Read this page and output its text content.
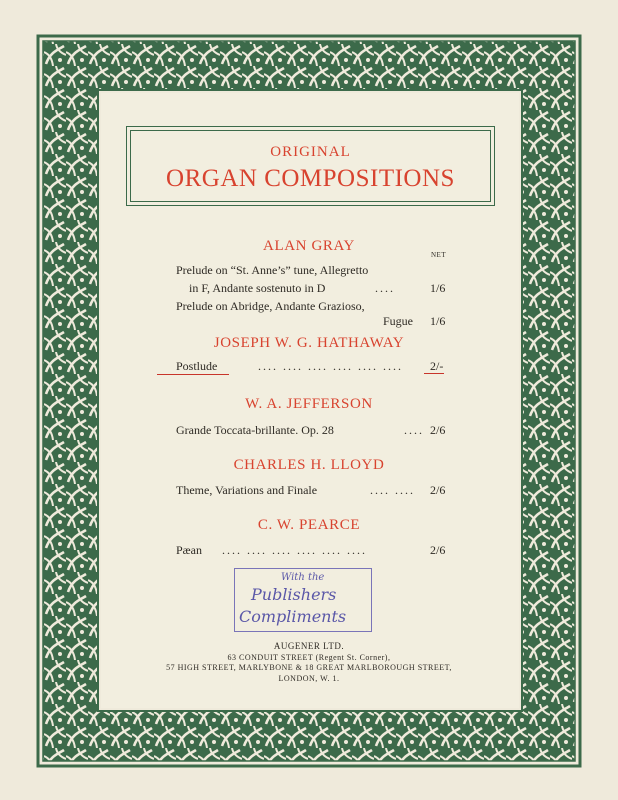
ORIGINAL
ORGAN COMPOSITIONS
ALAN GRAY
NET
Prelude on “St. Anne’s” tune, Allegretto
in F, Andante sostenuto in D	....	1/6
Prelude on Abridge, Andante Grazioso,
Fugue 1/6
JOSEPH W. G. HATHAWAY
Postlude	.... .... .... .... .... .... 2/-
W. A. JEFFERSON
Grande Toccata-brillante. Op. 28	.... 2/6
CHARLES H. LLOYD
Theme, Variations and Finale	.... .... 2/6
C. W. PEARCE
Pæan .... .... .... .... .... ....	2/6
With the
Publishers
Compliments
AUGENER LTD.
63 CONDUIT STREET (Regent St. Corner),
57 HIGH STREET, MARLYBONE & 18 GREAT MARLBOROUGH STREET,
LONDON, W. 1.
